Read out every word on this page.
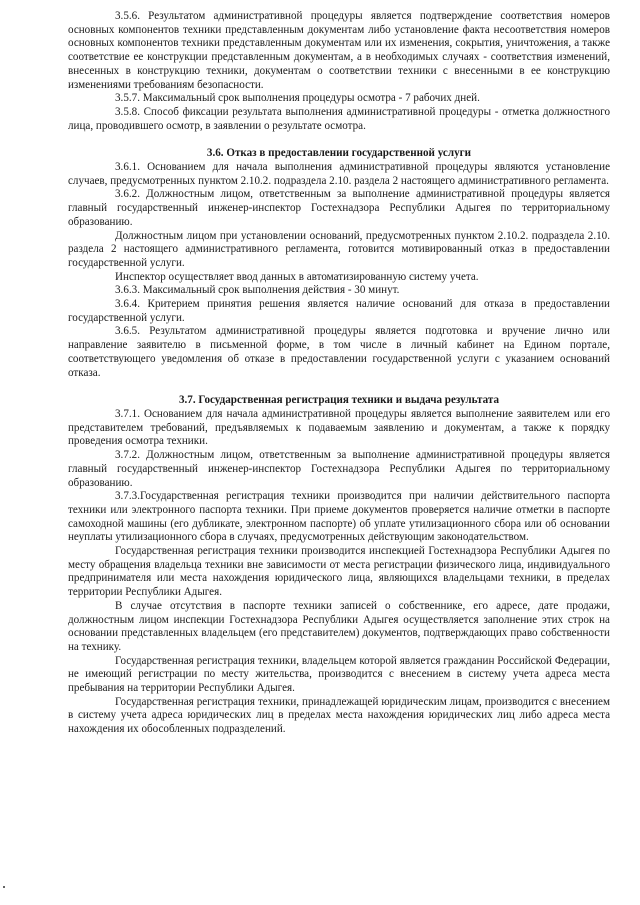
3.5.6. Результатом административной процедуры является подтверждение соответствия номеров основных компонентов техники представленным документам либо установление факта несоответствия номеров основных компонентов техники представленным документам или их изменения, сокрытия, уничтожения, а также соответствие ее конструкции представленным документам, а в необходимых случаях - соответствия изменений, внесенных в конструкцию техники, документам о соответствии техники с внесенными в ее конструкцию изменениями требованиям безопасности.

3.5.7. Максимальный срок выполнения процедуры осмотра - 7 рабочих дней.

3.5.8. Способ фиксации результата выполнения административной процедуры - отметка должностного лица, проводившего осмотр, в заявлении о результате осмотра.

3.6. Отказ в предоставлении государственной услуги

3.6.1. Основанием для начала выполнения административной процедуры являются установление случаев, предусмотренных пунктом 2.10.2. подраздела 2.10. раздела 2 настоящего административного регламента.

3.6.2. Должностным лицом, ответственным за выполнение административной процедуры является главный государственный инженер-инспектор Гостехнадзора Республики Адыгея по территориальному образованию.

Должностным лицом при установлении оснований, предусмотренных пунктом 2.10.2. подраздела 2.10. раздела 2 настоящего административного регламента, готовится мотивированный отказ в предоставлении государственной услуги.

Инспектор осуществляет ввод данных в автоматизированную систему учета.

3.6.3. Максимальный срок выполнения действия - 30 минут.

3.6.4. Критерием принятия решения является наличие оснований для отказа в предоставлении государственной услуги.

3.6.5. Результатом административной процедуры является подготовка и вручение лично или направление заявителю в письменной форме, в том числе в личный кабинет на Едином портале, соответствующего уведомления об отказе в предоставлении государственной услуги с указанием оснований отказа.

3.7. Государственная регистрация техники и выдача результата

3.7.1. Основанием для начала административной процедуры является выполнение заявителем или его представителем требований, предъявляемых к подаваемым заявлению и документам, а также к порядку проведения осмотра техники.

3.7.2. Должностным лицом, ответственным за выполнение административной процедуры является главный государственный инженер-инспектор Гостехнадзора Республики Адыгея по территориальному образованию.

3.7.3.Государственная регистрация техники производится при наличии действительного паспорта техники или электронного паспорта техники. При приеме документов проверяется наличие отметки в паспорте самоходной машины (его дубликате, электронном паспорте) об уплате утилизационного сбора или об основании неуплаты утилизационного сбора в случаях, предусмотренных действующим законодательством.

Государственная регистрация техники производится инспекцией Гостехнадзора Республики Адыгея по месту обращения владельца техники вне зависимости от места регистрации физического лица, индивидуального предпринимателя или места нахождения юридического лица, являющихся владельцами техники, в пределах территории Республики Адыгея.

В случае отсутствия в паспорте техники записей о собственнике, его адресе, дате продажи, должностным лицом инспекции Гостехнадзора Республики Адыгея осуществляется заполнение этих строк на основании представленных владельцем (его представителем) документов, подтверждающих право собственности на технику.

Государственная регистрация техники, владельцем которой является гражданин Российской Федерации, не имеющий регистрации по месту жительства, производится с внесением в систему учета адреса места пребывания на территории Республики Адыгея.

Государственная регистрация техники, принадлежащей юридическим лицам, производится с внесением в систему учета адреса юридических лиц в пределах места нахождения юридических лиц либо адреса места нахождения их обособленных подразделений.
